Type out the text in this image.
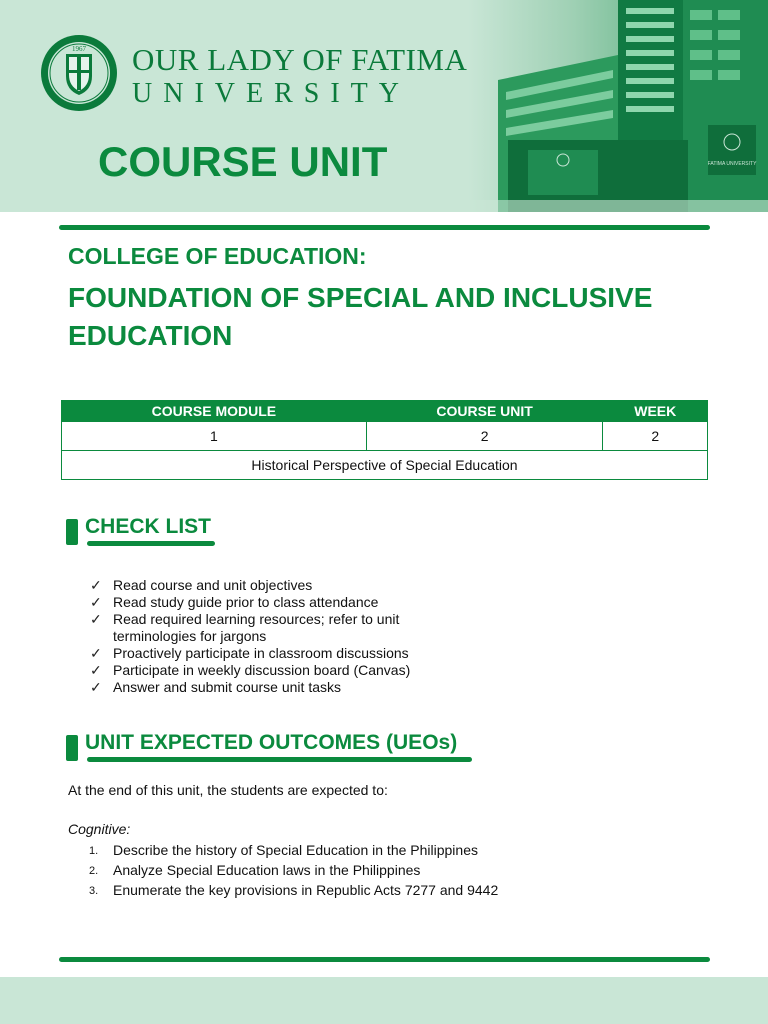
1967 OUR LADY OF FATIMA
UNIVERSITY
COURSE UNIT	FATIMA UNIVERSITY
COLLEGE OF EDUCATION:
FOUNDATION OF SPECIAL AND INCLUSIVE EDUCATION
COURSE MODULE	COURSE UNIT	WEEK
1	2	2
Historical Perspective of Special Education		
CHECK LIST
✓ Read course and unit objectives
✓ Read study guide prior to class attendance
✓ Read required learning resources; refer to unit terminologies for jargons
✓ Proactively participate in classroom discussions
✓ Participate in weekly discussion board (Canvas)
✓ Answer and submit course unit tasks
UNIT EXPECTED OUTCOMES (UEOs)
At the end of this unit, the students are expected to:
Cognitive:
1. Describe the history of Special Education in the Philippines
2. Analyze Special Education laws in the Philippines
3. Enumerate the key provisions in Republic Acts 7277 and 9442
